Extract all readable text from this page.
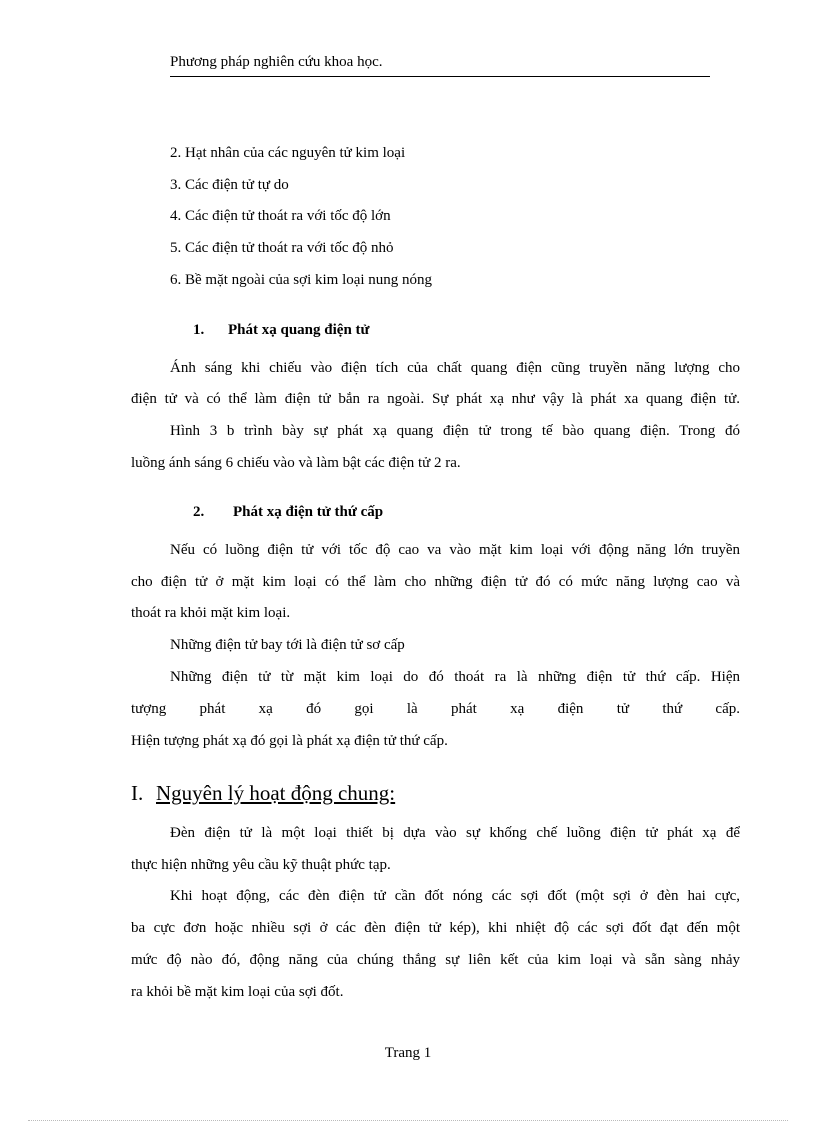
Phương pháp nghiên cứu khoa học.
2. Hạt nhân của các nguyên tử kim loại
3. Các điện tử tự do
4. Các điện tử thoát ra với tốc độ lớn
5. Các điện tử thoát ra với tốc độ nhỏ
6. Bề mặt ngoài của sợi kim loại nung nóng
1. Phát xạ quang điện tử
Ánh sáng khi chiếu vào điện tích của chất quang điện cũng truyền năng lượng cho
điện tử và có thể làm điện tử bắn ra ngoài. Sự phát xạ như vậy là phát xa quang điện tử.
Hình 3 b trình bày sự phát xạ quang điện tử trong tế bào quang điện. Trong đó
luồng ánh sáng 6 chiếu vào và làm bật các điện tử 2 ra.
2. Phát xạ điện tử thứ cấp
Nếu có luồng điện tử với tốc độ cao va vào mặt kim loại với động năng lớn truyền
cho điện tử ở mặt kim loại có thể làm cho những điện tử đó có mức năng lượng cao và
thoát ra khỏi mặt kim loại.
Những điện tử bay tới là điện tử sơ cấp
Những điện tử từ mặt kim loại do đó thoát ra là những điện tử thứ cấp. Hiện
tượng phát xạ đó gọi là phát xạ điện tử thứ cấp.
Hiện tượng phát xạ đó gọi là phát xạ điện tử thứ cấp.
I. Nguyên lý hoạt động chung:
Đèn điện tử là một loại thiết bị dựa vào sự khống chế luồng điện tử phát xạ để
thực hiện những yêu cầu kỹ thuật phức tạp.
Khi hoạt động, các đèn điện tử cần đốt nóng các sợi đốt (một sợi ở đèn hai cực,
ba cực đơn hoặc nhiều sợi ở các đèn điện tử kép), khi nhiệt độ các sợi đốt đạt đến một
mức độ nào đó, động năng của chúng thắng sự liên kết của kim loại và sẵn sàng nhảy
ra khỏi bề mặt kim loại của sợi đốt.
Trang 1
